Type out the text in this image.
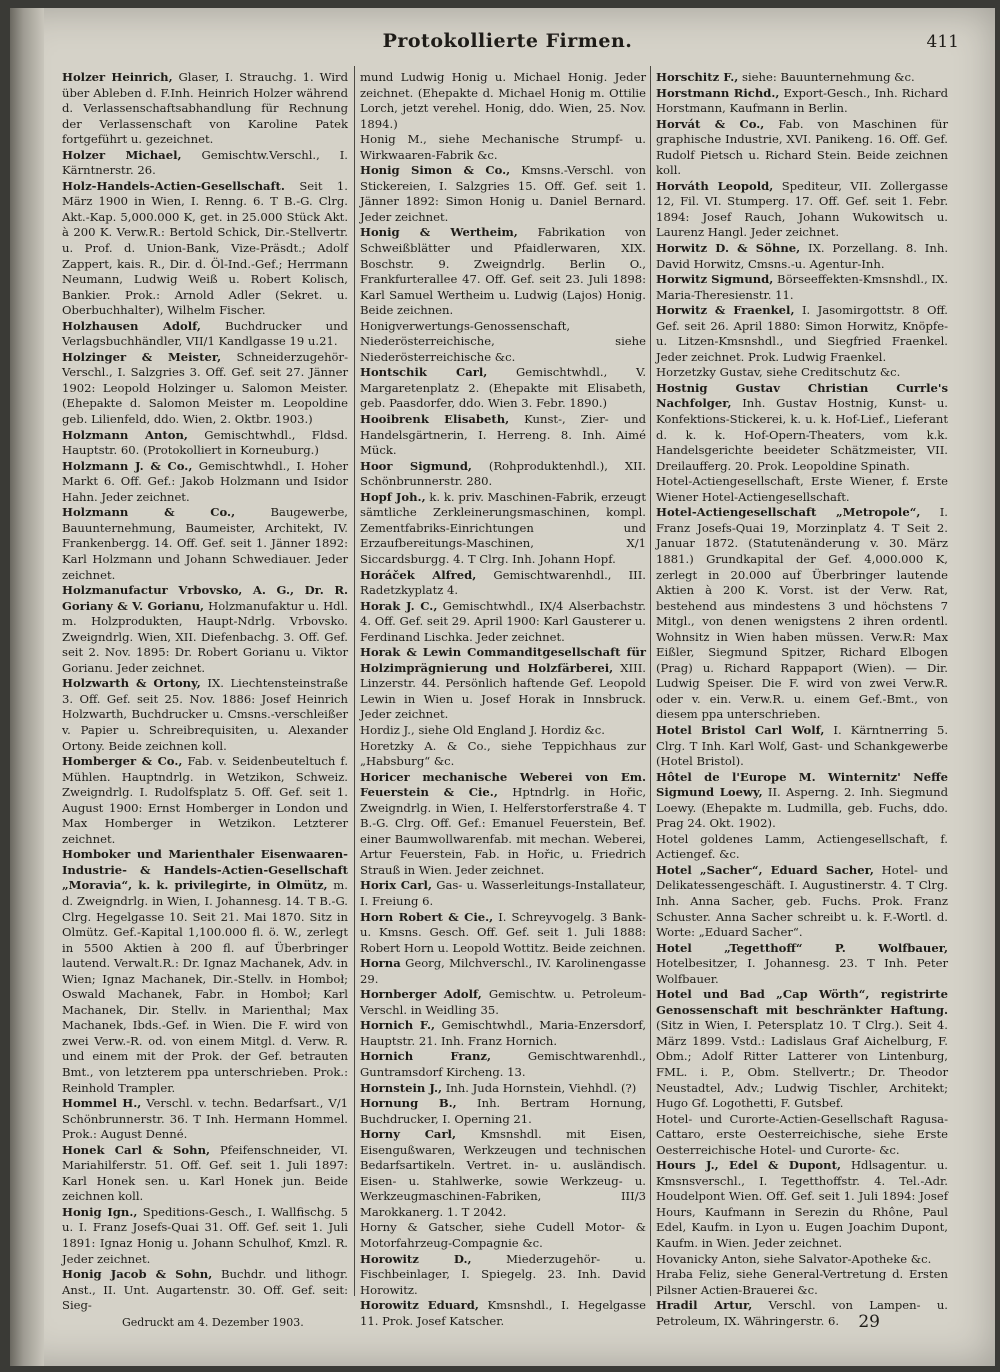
Protokollierte Firmen.	411

Holzer Heinrich, Glaser, I. Strauchg. 1. Wird über Ableben d. F.Inh. Heinrich Holzer während d. Verlassenschaftsabhandlung für Rechnung der Verlassenschaft von Karoline Patek fortgeführt u. gezeichnet.

Holzer Michael, Gemischtw.Verschl., I. Kärntnerstr. 26.

Holz-Handels-Actien-Gesellschaft. Seit 1. März 1900 in Wien, I. Renng. 6. T B.-G. Clrg. Akt.-Kap. 5,000.000 K, get. in 25.000 Stück Akt. à 200 K. Verw.R.: Bertold Schick, Dir.-Stellvertr. u. Prof. d. Union-Bank, Vize-Präsdt.; Adolf Zappert, kais. R., Dir. d. Öl-Ind.-Gef.; Herrmann Neumann, Ludwig Weiß u. Robert Kolisch, Bankier. Prok.: Arnold Adler (Sekret. u. Oberbuchhalter), Wilhelm Fischer.

Holzhausen Adolf, Buchdrucker und Verlagsbuchhändler, VII/1 Kandlgasse 19 u.21.

Holzinger & Meister, Schneiderzugehör-Verschl., I. Salzgries 3. Off. Gef. seit 27. Jänner 1902: Leopold Holzinger u. Salomon Meister. (Ehepakte d. Salomon Meister m. Leopoldine geb. Lilienfeld, ddo. Wien, 2. Oktbr. 1903.)

Holzmann Anton, Gemischtwhdl., Fldsd. Hauptstr. 60. (Protokolliert in Korneuburg.)

Holzmann J. & Co., Gemischtwhdl., I. Hoher Markt 6. Off. Gef.: Jakob Holzmann und Isidor Hahn. Jeder zeichnet.

Holzmann & Co., Baugewerbe, Bauunternehmung, Baumeister, Architekt, IV. Frankenbergg. 14. Off. Gef. seit 1. Jänner 1892: Karl Holzmann und Johann Schwediauer. Jeder zeichnet.

Holzmanufactur Vrbovsko, A. G., Dr. R. Goriany & V. Gorianu, Holzmanufaktur u. Hdl. m. Holzprodukten, Haupt-Ndrlg. Vrbovsko. Zweigndrlg. Wien, XII. Diefenbachg. 3. Off. Gef. seit 2. Nov. 1895: Dr. Robert Gorianu u. Viktor Gorianu. Jeder zeichnet.

Holzwarth & Ortony, IX. Liechtensteinstraße 3. Off. Gef. seit 25. Nov. 1886: Josef Heinrich Holzwarth, Buchdrucker u. Cmsns.-verschleißer v. Papier u. Schreibrequisiten, u. Alexander Ortony. Beide zeichnen koll.

Homberger & Co., Fab. v. Seidenbeuteltuch f. Mühlen. Hauptndrlg. in Wetzikon, Schweiz. Zweigndrlg. I. Rudolfsplatz 5. Off. Gef. seit 1. August 1900: Ernst Homberger in London und Max Homberger in Wetzikon. Letzterer zeichnet.

Homboker und Marienthaler Eisenwaaren-Industrie- & Handels-Actien-Gesellschaft „Moravia“, k. k. privilegirte, in Olmütz, m. d. Zweigndrlg. in Wien, I. Johannesg. 14. T B.-G. Clrg. Hegelgasse 10. Seit 21. Mai 1870. Sitz in Olmütz. Gef.-Kapital 1,100.000 fl. ö. W., zerlegt in 5500 Aktien à 200 fl. auf Überbringer lautend. Verwalt.R.: Dr. Ignaz Machanek, Adv. in Wien; Ignaz Machanek, Dir.-Stellv. in Homboł; Oswald Machanek, Fabr. in Homboł; Karl Machanek, Dir. Stellv. in Marienthal; Max Machanek, Ibds.-Gef. in Wien. Die F. wird von zwei Verw.-R. od. von einem Mitgl. d. Verw. R. und einem mit der Prok. der Gef. betrauten Bmt., von letzterem ppa unterschrieben. Prok.: Reinhold Trampler.

Hommel H., Verschl. v. techn. Bedarfsart., V/1 Schönbrunnerstr. 36. T Inh. Hermann Hommel. Prok.: August Denné.

Honek Carl & Sohn, Pfeifenschneider, VI. Mariahilferstr. 51. Off. Gef. seit 1. Juli 1897: Karl Honek sen. u. Karl Honek jun. Beide zeichnen koll.

Honig Ign., Speditions-Gesch., I. Wallfischg. 5 u. I. Franz Josefs-Quai 31. Off. Gef. seit 1. Juli 1891: Ignaz Honig u. Johann Schulhof, Kmzl. R. Jeder zeichnet.

Honig Jacob & Sohn, Buchdr. und lithogr. Anst., II. Unt. Augartenstr. 30. Off. Gef. seit: Sieg-

mund Ludwig Honig u. Michael Honig. Jeder zeichnet. (Ehepakte d. Michael Honig m. Ottilie Lorch, jetzt verehel. Honig, ddo. Wien, 25. Nov. 1894.)

Honig M., siehe Mechanische Strumpf- u. Wirkwaaren-Fabrik &c.

Honig Simon & Co., Kmsns.-Verschl. von Stickereien, I. Salzgries 15. Off. Gef. seit 1. Jänner 1892: Simon Honig u. Daniel Bernard. Jeder zeichnet.

Honig & Wertheim, Fabrikation von Schweißblätter und Pfaidlerwaren, XIX. Boschstr. 9. Zweigndrlg. Berlin O., Frankfurterallee 47. Off. Gef. seit 23. Juli 1898: Karl Samuel Wertheim u. Ludwig (Lajos) Honig. Beide zeichnen.

Honigverwertungs-Genossenschaft, Niederösterreichische, siehe Niederösterreichische &c.

Hontschik Carl, Gemischtwhdl., V. Margaretenplatz 2. (Ehepakte mit Elisabeth, geb. Paasdorfer, ddo. Wien 3. Febr. 1890.)

Hooibrenk Elisabeth, Kunst-, Zier- und Handelsgärtnerin, I. Herreng. 8. Inh. Aimé Mück.

Hoor Sigmund, (Rohproduktenhdl.), XII. Schönbrunnerstr. 280.

Hopf Joh., k. k. priv. Maschinen-Fabrik, erzeugt sämtliche Zerkleinerungsmaschinen, kompl. Zementfabriks-Einrichtungen und Erzaufbereitungs-Maschinen, X/1 Siccardsburgg. 4. T Clrg. Inh. Johann Hopf.

Horáček Alfred, Gemischtwarenhdl., III. Radetzkyplatz 4.

Horak J. C., Gemischtwhdl., IX/4 Alserbachstr. 4. Off. Gef. seit 29. April 1900: Karl Gausterer u. Ferdinand Lischka. Jeder zeichnet.

Horak & Lewin Commanditgesellschaft für Holzimprägnierung und Holzfärberei, XIII. Linzerstr. 44. Persönlich haftende Gef. Leopold Lewin in Wien u. Josef Horak in Innsbruck. Jeder zeichnet.

Hordiz J., siehe Old England J. Hordiz &c.

Horetzky A. & Co., siehe Teppichhaus zur „Habsburg“ &c.

Horicer mechanische Weberei von Em. Feuerstein & Cie., Hptndrlg. in Hořic, Zweigndrlg. in Wien, I. Helferstorferstraße 4. T B.-G. Clrg. Off. Gef.: Emanuel Feuerstein, Bef. einer Baumwollwarenfab. mit mechan. Weberei, Artur Feuerstein, Fab. in Hořic, u. Friedrich Strauß in Wien. Jeder zeichnet.

Horix Carl, Gas- u. Wasserleitungs-Installateur, I. Freiung 6.

Horn Robert & Cie., I. Schreyvogelg. 3 Bank- u. Kmsns. Gesch. Off. Gef. seit 1. Juli 1888: Robert Horn u. Leopold Wottitz. Beide zeichnen.

Horna Georg, Milchverschl., IV. Karolinengasse 29.

Hornberger Adolf, Gemischtw. u. Petroleum-Verschl. in Weidling 35.

Hornich F., Gemischtwhdl., Maria-Enzersdorf, Hauptstr. 21. Inh. Franz Hornich.

Hornich Franz, Gemischtwarenhdl., Guntramsdorf Kircheng. 13.

Hornstein J., Inh. Juda Hornstein, Viehhdl. (?)

Hornung B., Inh. Bertram Hornung, Buchdrucker, I. Operning 21.

Horny Carl, Kmsnshdl. mit Eisen, Eisengußwaren, Werkzeugen und technischen Bedarfsartikeln. Vertret. in- u. ausländisch. Eisen- u. Stahlwerke, sowie Werkzeug- u. Werkzeugmaschinen-Fabriken, III/3 Marokkanerg. 1. T 2042.

Horny & Gatscher, siehe Cudell Motor- & Motorfahrzeug-Compagnie &c.

Horowitz D., Miederzugehör- u. Fischbeinlager, I. Spiegelg. 23. Inh. David Horowitz.

Horowitz Eduard, Kmsnshdl., I. Hegelgasse 11. Prok. Josef Katscher.

Horschitz F., siehe: Bauunternehmung &c.

Horstmann Richd., Export-Gesch., Inh. Richard Horstmann, Kaufmann in Berlin.

Horvát & Co., Fab. von Maschinen für graphische Industrie, XVI. Panikeng. 16. Off. Gef. Rudolf Pietsch u. Richard Stein. Beide zeichnen koll.

Horváth Leopold, Spediteur, VII. Zollergasse 12, Fil. VI. Stumperg. 17. Off. Gef. seit 1. Febr. 1894: Josef Rauch, Johann Wukowitsch u. Laurenz Hangl. Jeder zeichnet.

Horwitz D. & Söhne, IX. Porzellang. 8. Inh. David Horwitz, Cmsns.-u. Agentur-Inh.

Horwitz Sigmund, Börseeffekten-Kmsnshdl., IX. Maria-Theresienstr. 11.

Horwitz & Fraenkel, I. Jasomirgottstr. 8 Off. Gef. seit 26. April 1880: Simon Horwitz, Knöpfe- u. Litzen-Kmsnshdl., und Siegfried Fraenkel. Jeder zeichnet. Prok. Ludwig Fraenkel.

Horzetzky Gustav, siehe Creditschutz &c.

Hostnig Gustav Christian Currle's Nachfolger, Inh. Gustav Hostnig, Kunst- u. Konfektions-Stickerei, k. u. k. Hof-Lief., Lieferant d. k. k. Hof-Opern-Theaters, vom k.k. Handelsgerichte beeideter Schätzmeister, VII. Dreilaufferg. 20. Prok. Leopoldine Spinath.

Hotel-Actiengesellschaft, Erste Wiener, f. Erste Wiener Hotel-Actiengesellschaft.

Hotel-Actiengesellschaft „Metropole“, I. Franz Josefs-Quai 19, Morzinplatz 4. T Seit 2. Januar 1872. (Statutenänderung v. 30. März 1881.) Grundkapital der Gef. 4,000.000 K, zerlegt in 20.000 auf Überbringer lautende Aktien à 200 K. Vorst. ist der Verw. Rat, bestehend aus mindestens 3 und höchstens 7 Mitgl., von denen wenigstens 2 ihren ordentl. Wohnsitz in Wien haben müssen. Verw.R: Max Eißler, Siegmund Spitzer, Richard Elbogen (Prag) u. Richard Rappaport (Wien). — Dir. Ludwig Speiser. Die F. wird von zwei Verw.R. oder v. ein. Verw.R. u. einem Gef.-Bmt., von diesem ppa unterschrieben.

Hotel Bristol Carl Wolf, I. Kärntnerring 5. Clrg. T Inh. Karl Wolf, Gast- und Schankgewerbe (Hotel Bristol).

Hôtel de l'Europe M. Winternitz' Neffe Sigmund Loewy, II. Asperng. 2. Inh. Siegmund Loewy. (Ehepakte m. Ludmilla, geb. Fuchs, ddo. Prag 24. Okt. 1902).

Hotel goldenes Lamm, Actiengesellschaft, f. Actiengef. &c.

Hotel „Sacher“, Eduard Sacher, Hotel- und Delikatessengeschäft. I. Augustinerstr. 4. T Clrg. Inh. Anna Sacher, geb. Fuchs. Prok. Franz Schuster. Anna Sacher schreibt u. k. F.-Wortl. d. Worte: „Eduard Sacher“.

Hotel „Tegetthoff“ P. Wolfbauer, Hotelbesitzer, I. Johannesg. 23. T Inh. Peter Wolfbauer.

Hotel und Bad „Cap Wörth“, registrirte Genossenschaft mit beschränkter Haftung. (Sitz in Wien, I. Petersplatz 10. T Clrg.). Seit 4. März 1899. Vstd.: Ladislaus Graf Aichelburg, F. Obm.; Adolf Ritter Latterer von Lintenburg, FML. i. P., Obm. Stellvertr.; Dr. Theodor Neustadtel, Adv.; Ludwig Tischler, Architekt; Hugo Gf. Logothetti, F. Gutsbef.

Hotel- und Curorte-Actien-Gesellschaft Ragusa-Cattaro, erste Oesterreichische, siehe Erste Oesterreichische Hotel- und Curorte- &c.

Hours J., Edel & Dupont, Hdlsagentur. u. Kmsnsverschl., I. Tegetthoffstr. 4. Tel.-Adr. Houdelpont Wien. Off. Gef. seit 1. Juli 1894: Josef Hours, Kaufmann in Serezin du Rhône, Paul Edel, Kaufm. in Lyon u. Eugen Joachim Dupont, Kaufm. in Wien. Jeder zeichnet.

Hovanicky Anton, siehe Salvator-Apotheke &c.

Hraba Feliz, siehe General-Vertretung d. Ersten Pilsner Actien-Brauerei &c.

Hradil Artur, Verschl. von Lampen- u. Petroleum, IX. Währingerstr. 6.

Gedruckt am 4. Dezember 1903.	29
